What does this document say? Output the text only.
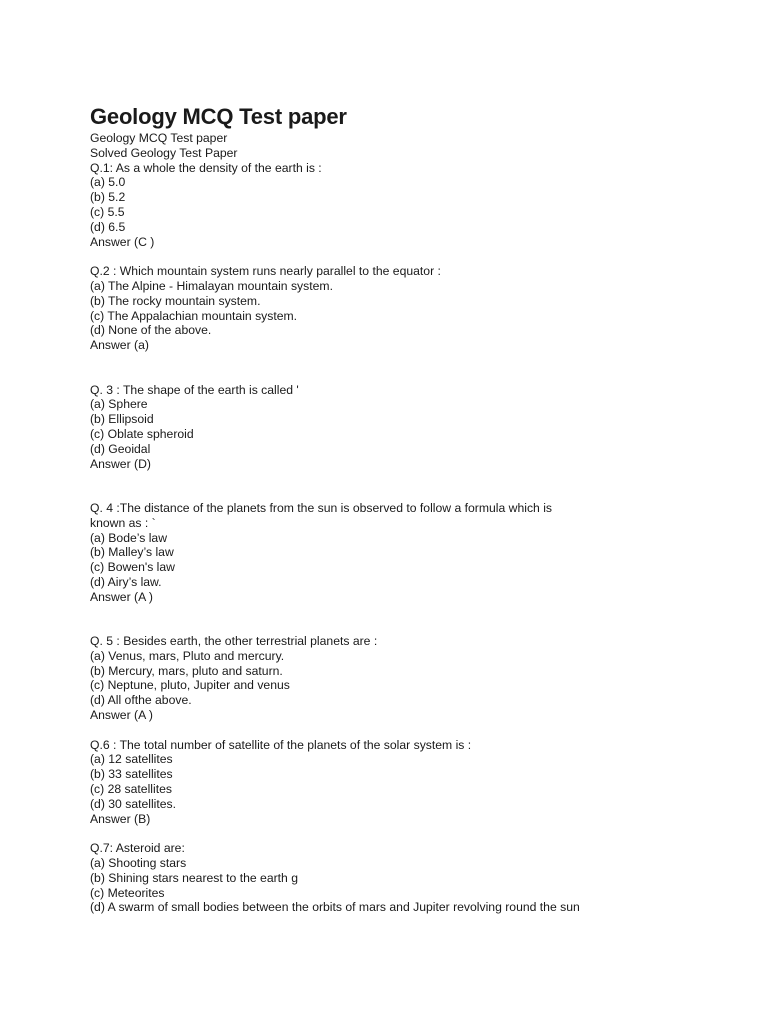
Geology MCQ Test paper
Geology MCQ Test paper
Solved Geology Test Paper
Q.1: As a whole the density of the earth is :
(a) 5.0
(b) 5.2
(c) 5.5
(d) 6.5
Answer (C )
Q.2 : Which mountain system runs nearly parallel to the equator :
(a) The Alpine - Himalayan mountain system.
(b) The rocky mountain system.
(c) The Appalachian mountain system.
(d) None of the above.
Answer (a)
Q. 3 : The shape of the earth is called '
(a) Sphere
(b) Ellipsoid
(c) Oblate spheroid
(d) Geoidal
Answer (D)
Q. 4 :The distance of the planets from the sun is observed to follow a formula which is
known as : `
(a) Bode’s law
(b) Malley’s law
(c) Bowen's law
(d) Airy’s law.
Answer (A )
Q. 5 : Besides earth, the other terrestrial planets are :
(a) Venus, mars, Pluto and mercury.
(b) Mercury, mars, pluto and saturn.
(c) Neptune, pluto, Jupiter and venus
(d) All ofthe above.
Answer (A )
Q.6 : The total number of satellite of the planets of the solar system is :
(a) 12 satellites
(b) 33 satellites
(c) 28 satellites
(d) 30 satellites.
Answer (B)
Q.7: Asteroid are:
(a) Shooting stars
(b) Shining stars nearest to the earth g
(c) Meteorites
(d) A swarm of small bodies between the orbits of mars and Jupiter revolving round the sun
